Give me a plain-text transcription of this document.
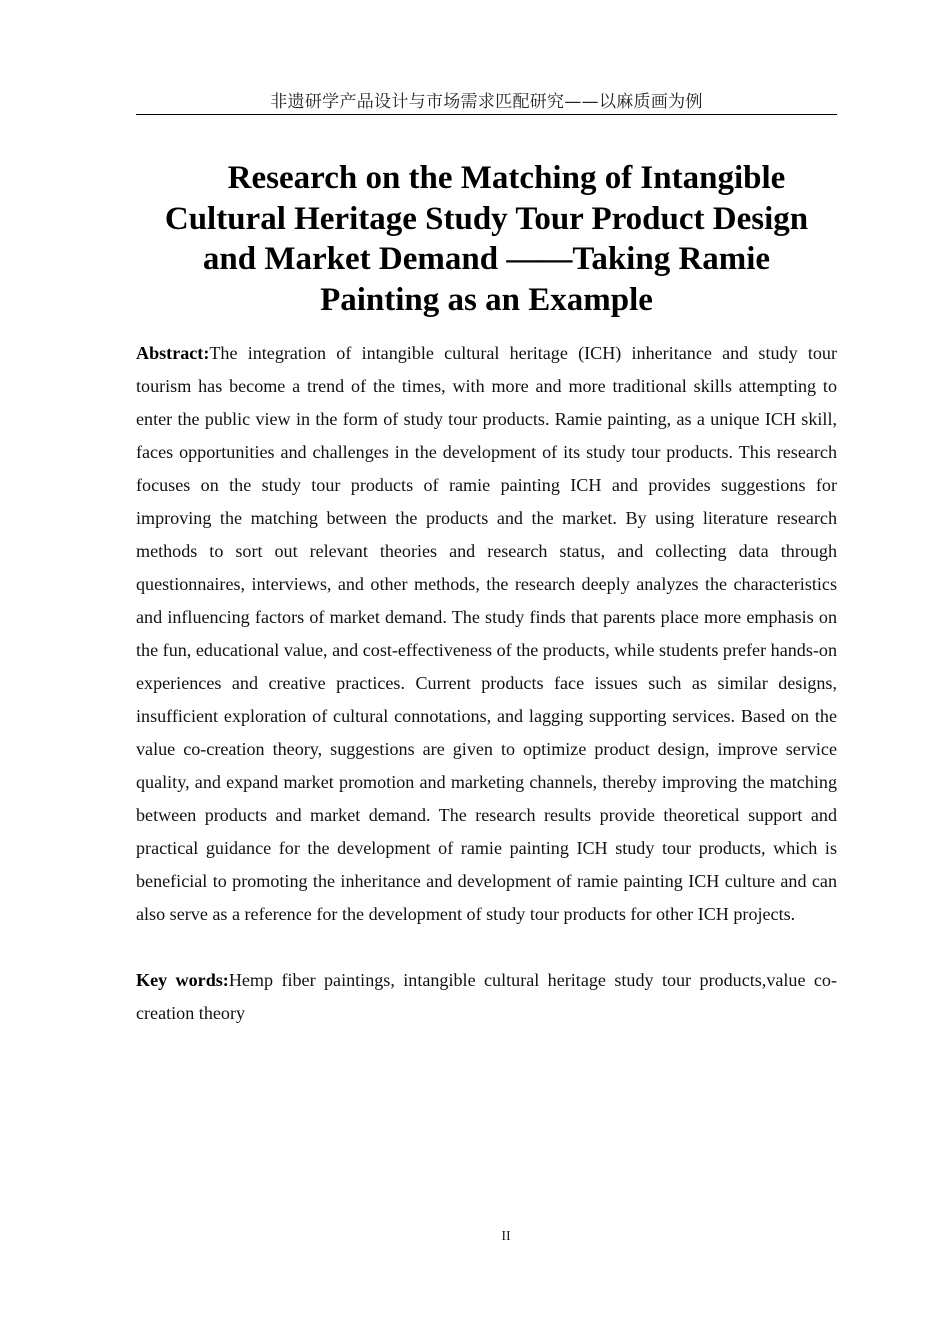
非遗研学产品设计与市场需求匹配研究——以麻质画为例
Research on the Matching of Intangible
Cultural Heritage Study Tour Product Design
and Market Demand ——Taking Ramie
Painting as an Example

Abstract:The integration of intangible cultural heritage (ICH) inheritance and study tour tourism has become a trend of the times, with more and more traditional skills attempting to enter the public view in the form of study tour products. Ramie painting, as a unique ICH skill, faces opportunities and challenges in the development of its study tour products. This research focuses on the study tour products of ramie painting ICH and provides suggestions for improving the matching between the products and the market. By using literature research methods to sort out relevant theories and research status, and collecting data through questionnaires, interviews, and other methods, the research deeply analyzes the characteristics and influencing factors of market demand. The study finds that parents place more emphasis on the fun, educational value, and cost-effectiveness of the products, while students prefer hands-on experiences and creative practices. Current products face issues such as similar designs, insufficient exploration of cultural connotations, and lagging supporting services. Based on the value co-creation theory, suggestions are given to optimize product design, improve service quality, and expand market promotion and marketing channels, thereby improving the matching between products and market demand. The research results provide theoretical support and practical guidance for the development of ramie painting ICH study tour products, which is beneficial to promoting the inheritance and development of ramie painting ICH culture and can also serve as a reference for the development of study tour products for other ICH projects.

Key words:Hemp fiber paintings, intangible cultural heritage study tour products,value co-creation theory

II
